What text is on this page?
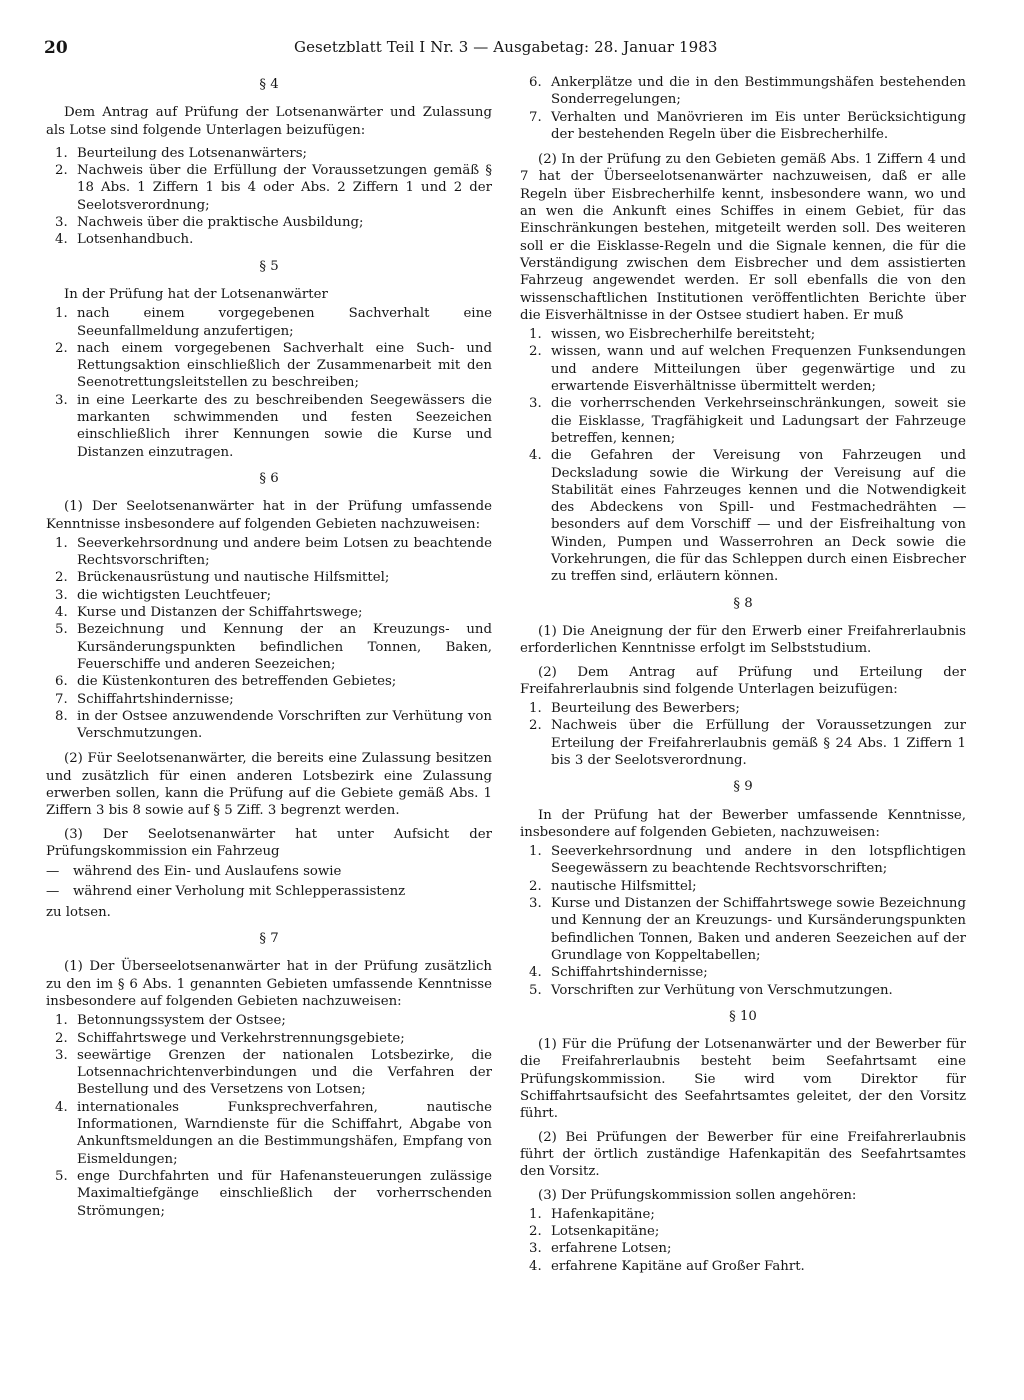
20	Gesetzblatt Teil I Nr. 3 — Ausgabetag: 28. Januar 1983
§ 4

Dem Antrag auf Prüfung der Lotsenanwärter und Zulassung als Lotse sind folgende Unterlagen beizufügen:

1. Beurteilung des Lotsenanwärters;
2. Nachweis über die Erfüllung der Voraussetzungen gemäß § 18 Abs. 1 Ziffern 1 bis 4 oder Abs. 2 Ziffern 1 und 2 der Seelotsverordnung;
3. Nachweis über die praktische Ausbildung;
4. Lotsenhandbuch.
§ 5

In der Prüfung hat der Lotsenanwärter

1. nach einem vorgegebenen Sachverhalt eine Seeunfallmeldung anzufertigen;
2. nach einem vorgegebenen Sachverhalt eine Such- und Rettungsaktion einschließlich der Zusammenarbeit mit den Seenotrettungsleitstellen zu beschreiben;
3. in eine Leerkarte des zu beschreibenden Seegewässers die markanten schwimmenden und festen Seezeichen einschließlich ihrer Kennungen sowie die Kurse und Distanzen einzutragen.
§ 6

(1) Der Seelotsenanwärter hat in der Prüfung umfassende Kenntnisse insbesondere auf folgenden Gebieten nachzuweisen:

1. Seeverkehrsordnung und andere beim Lotsen zu beachtende Rechtsvorschriften;
2. Brückenausrüstung und nautische Hilfsmittel;
3. die wichtigsten Leuchtfeuer;
4. Kurse und Distanzen der Schiffahrtswege;
5. Bezeichnung und Kennung der an Kreuzungs- und Kursänderungspunkten befindlichen Tonnen, Baken, Feuerschiffe und anderen Seezeichen;
6. die Küstenkonturen des betreffenden Gebietes;
7. Schiffahrtshindernisse;
8. in der Ostsee anzuwendende Vorschriften zur Verhütung von Verschmutzungen.

(2) Für Seelotsenanwärter, die bereits eine Zulassung besitzen und zusätzlich für einen anderen Lotsbezirk eine Zulassung erwerben sollen, kann die Prüfung auf die Gebiete gemäß Abs. 1 Ziffern 3 bis 8 sowie auf § 5 Ziff. 3 begrenzt werden.

(3) Der Seelotsenanwärter hat unter Aufsicht der Prüfungskommission ein Fahrzeug

— während des Ein- und Auslaufens sowie
— während einer Verholung mit Schlepperassistenz

zu lotsen.

§ 7

(1) Der Überseelotsenanwärter hat in der Prüfung zusätzlich zu den im § 6 Abs. 1 genannten Gebieten umfassende Kenntnisse insbesondere auf folgenden Gebieten nachzuweisen:

1. Betonnungssystem der Ostsee;
2. Schiffahrtswege und Verkehrstrennungsgebiete;
3. seewärtige Grenzen der nationalen Lotsbezirke, die Lotsennachrichtenverbindungen und die Verfahren der Bestellung und des Versetzens von Lotsen;
4. internationales Funksprechverfahren, nautische Informationen, Warndienste für die Schiffahrt, Abgabe von Ankunftsmeldungen an die Bestimmungshäfen, Empfang von Eismeldungen;
5. enge Durchfahrten und für Hafenansteuerungen zulässige Maximaltiefgänge einschließlich der vorherrschenden Strömungen;
6. Ankerplätze und die in den Bestimmungshäfen bestehenden Sonderregelungen;
7. Verhalten und Manövrieren im Eis unter Berücksichtigung der bestehenden Regeln über die Eisbrecherhilfe.

(2) In der Prüfung zu den Gebieten gemäß Abs. 1 Ziffern 4 und 7 hat der Überseelotsenanwärter nachzuweisen, daß er alle Regeln über Eisbrecherhilfe kennt, insbesondere wann, wo und an wen die Ankunft eines Schiffes in einem Gebiet, für das Einschränkungen bestehen, mitgeteilt werden soll. Des weiteren soll er die Eisklasse-Regeln und die Signale kennen, die für die Verständigung zwischen dem Eisbrecher und dem assistierten Fahrzeug angewendet werden. Er soll ebenfalls die von den wissenschaftlichen Institutionen veröffentlichten Berichte über die Eisverhältnisse in der Ostsee studiert haben. Er muß

1. wissen, wo Eisbrecherhilfe bereitsteht;
2. wissen, wann und auf welchen Frequenzen Funksendungen und andere Mitteilungen über gegenwärtige und zu erwartende Eisverhältnisse übermittelt werden;
3. die vorherrschenden Verkehrseinschränkungen, soweit sie die Eisklasse, Tragfähigkeit und Ladungsart der Fahrzeuge betreffen, kennen;
4. die Gefahren der Vereisung von Fahrzeugen und Decksladung sowie die Wirkung der Vereisung auf die Stabilität eines Fahrzeuges kennen und die Notwendigkeit des Abdeckens von Spill- und Festmachedrähten — besonders auf dem Vorschiff — und der Eisfreihaltung von Winden, Pumpen und Wasserrohren an Deck sowie die Vorkehrungen, die für das Schleppen durch einen Eisbrecher zu treffen sind, erläutern können.
§ 8

(1) Die Aneignung der für den Erwerb einer Freifahrerlaubnis erforderlichen Kenntnisse erfolgt im Selbststudium.

(2) Dem Antrag auf Prüfung und Erteilung der Freifahrerlaubnis sind folgende Unterlagen beizufügen:

1. Beurteilung des Bewerbers;
2. Nachweis über die Erfüllung der Voraussetzungen zur Erteilung der Freifahrerlaubnis gemäß § 24 Abs. 1 Ziffern 1 bis 3 der Seelotsverordnung.
§ 9

In der Prüfung hat der Bewerber umfassende Kenntnisse, insbesondere auf folgenden Gebieten, nachzuweisen:

1. Seeverkehrsordnung und andere in den lotspflichtigen Seegewässern zu beachtende Rechtsvorschriften;
2. nautische Hilfsmittel;
3. Kurse und Distanzen der Schiffahrtswege sowie Bezeichnung und Kennung der an Kreuzungs- und Kursänderungspunkten befindlichen Tonnen, Baken und anderen Seezeichen auf der Grundlage von Koppeltabellen;
4. Schiffahrtshindernisse;
5. Vorschriften zur Verhütung von Verschmutzungen.
§ 10

(1) Für die Prüfung der Lotsenanwärter und der Bewerber für die Freifahrerlaubnis besteht beim Seefahrtsamt eine Prüfungskommission. Sie wird vom Direktor für Schiffahrtsaufsicht des Seefahrtsamtes geleitet, der den Vorsitz führt.

(2) Bei Prüfungen der Bewerber für eine Freifahrerlaubnis führt der örtlich zuständige Hafenkapitän des Seefahrtsamtes den Vorsitz.

(3) Der Prüfungskommission sollen angehören:

1. Hafenkapitäne;
2. Lotsenkapitäne;
3. erfahrene Lotsen;
4. erfahrene Kapitäne auf Großer Fahrt.
